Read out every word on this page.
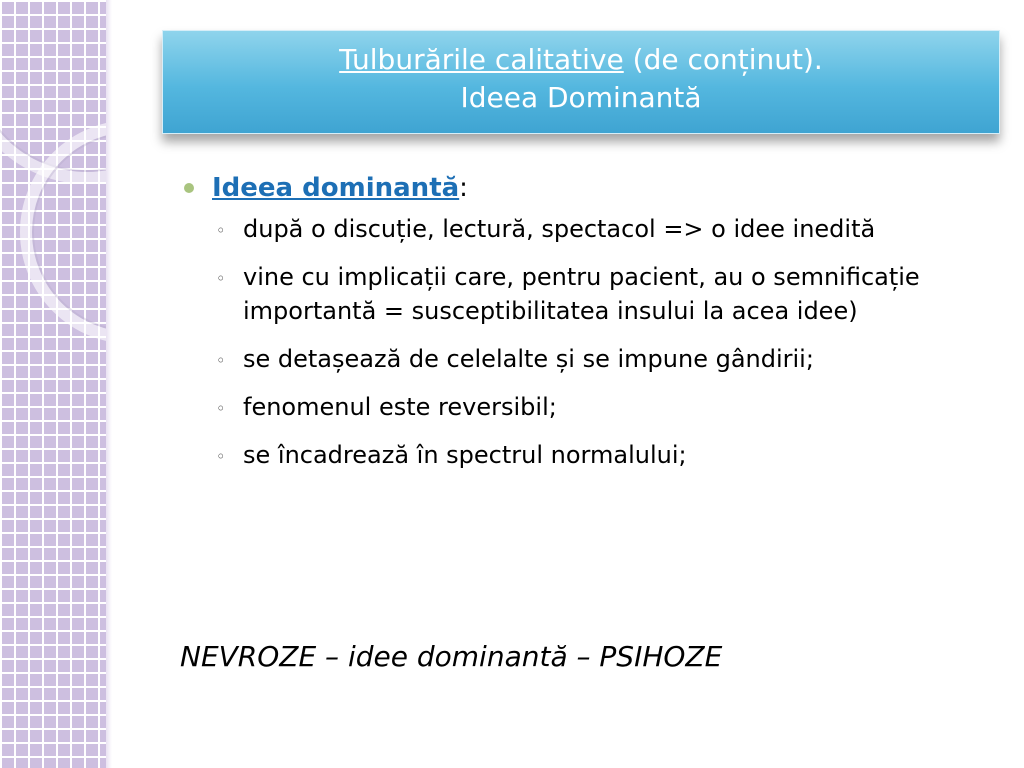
Tulburările calitative (de conținut).
Ideea Dominantă

Ideea dominantă:

◦ după o discuție, lectură, spectacol => o idee inedită
◦ vine cu implicații care, pentru pacient, au o semnificație importantă = susceptibilitatea insului la acea idee)
◦ se detașează de celelalte și se impune gândirii;
◦ fenomenul este reversibil;
◦ se încadrează în spectrul normalului;
NEVROZE – idee dominantă – PSIHOZE
